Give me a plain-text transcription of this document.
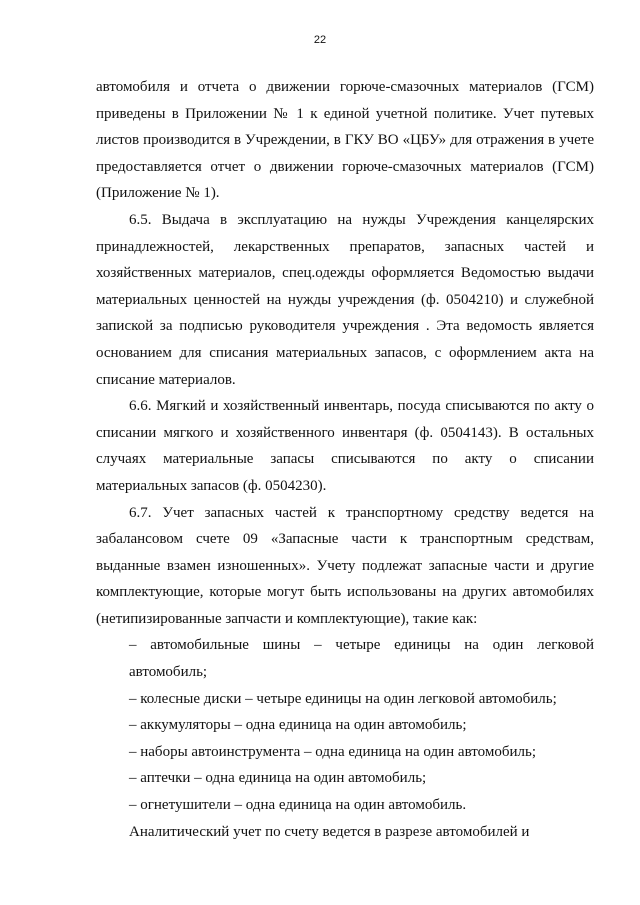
22

автомобиля и отчета о движении горюче-смазочных материалов (ГСМ) приведены в Приложении № 1 к единой учетной политике. Учет путевых листов производится в Учреждении, в ГКУ ВО «ЦБУ» для отражения в учете предоставляется отчет о движении горюче-смазочных материалов (ГСМ) (Приложение № 1).

6.5. Выдача в эксплуатацию на нужды Учреждения канцелярских принадлежностей, лекарственных препаратов, запасных частей и хозяйственных материалов, спец.одежды оформляется Ведомостью выдачи материальных ценностей на нужды учреждения (ф. 0504210) и служебной запиской за подписью руководителя учреждения . Эта ведомость является основанием для списания материальных запасов, с оформлением акта на списание материалов.

6.6. Мягкий и хозяйственный инвентарь, посуда списываются по акту о списании мягкого и хозяйственного инвентаря (ф. 0504143). В остальных случаях материальные запасы списываются по акту о списании материальных запасов (ф. 0504230).

6.7. Учет запасных частей к транспортному средству ведется на забалансовом счете 09 «Запасные части к транспортным средствам, выданные взамен изношенных». Учету подлежат запасные части и другие комплектующие, которые могут быть использованы на других автомобилях (нетипизированные запчасти и комплектующие), такие как:

– автомобильные шины – четыре единицы на один легковой автомобиль;
– колесные диски – четыре единицы на один легковой автомобиль;
– аккумуляторы – одна единица на один автомобиль;
– наборы автоинструмента – одна единица на один автомобиль;
– аптечки – одна единица на один автомобиль;
– огнетушители – одна единица на один автомобиль.

Аналитический учет по счету ведется в разрезе автомобилей и
